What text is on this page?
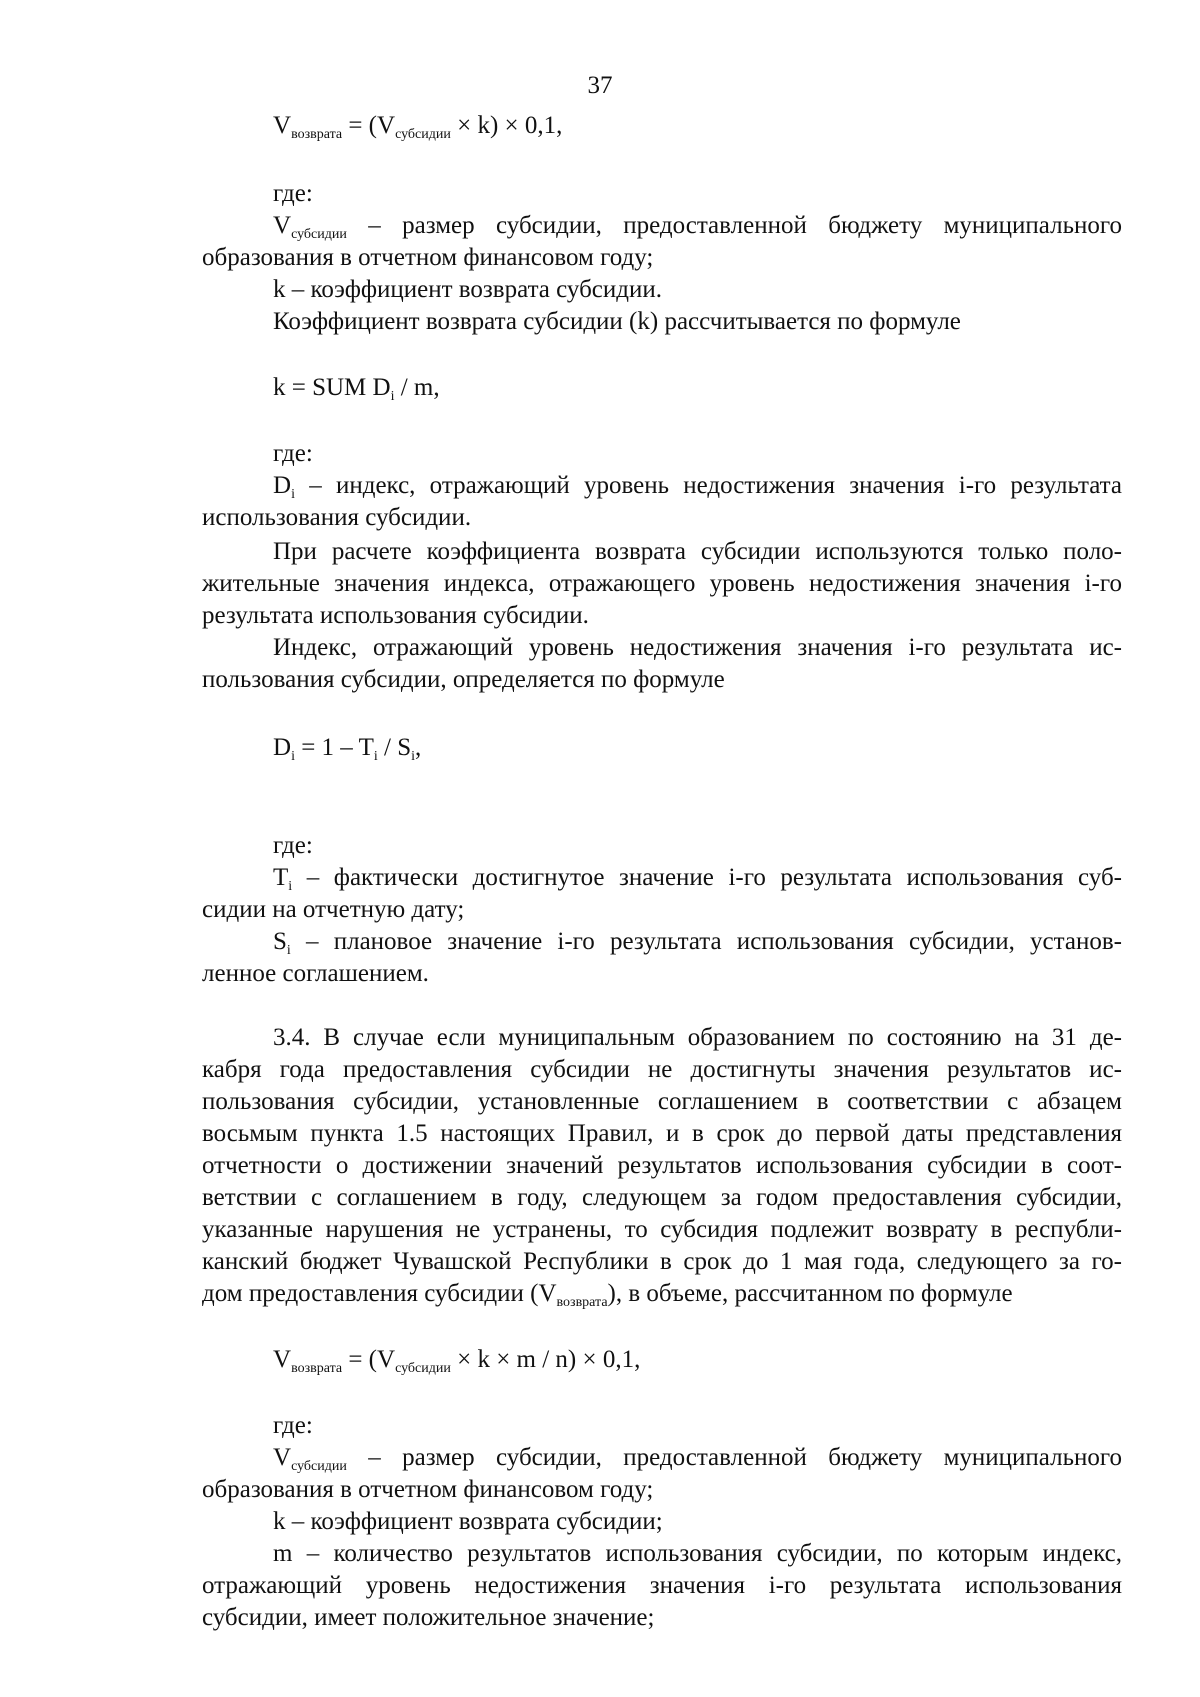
37
$V_{возврата} = (V_{субсидии} \times k) \times 0,1$,
где:
$V_{субсидии}$ – размер субсидии, предоставленной бюджету муниципального
образования в отчетном финансовом году;
k – коэффициент возврата субсидии.
Коэффициент возврата субсидии (k) рассчитывается по формуле
k = SUM $D_i$ / m,
где:
$D_i$ – индекс, отражающий уровень недостижения значения i-го результата
использования субсидии.
При расчете коэффициента возврата субсидии используются только поло-
жительные значения индекса, отражающего уровень недостижения значения i-го
результата использования субсидии.
Индекс, отражающий уровень недостижения значения i-го результата ис-
пользования субсидии, определяется по формуле
$D_i = 1 - T_i / S_i$,
где:
$T_i$ – фактически достигнутое значение i-го результата использования суб-
сидии на отчетную дату;
$S_i$ – плановое значение i-го результата использования субсидии, установ-
ленное соглашением.
3.4. В случае если муниципальным образованием по состоянию на 31 де-
кабря года предоставления субсидии не достигнуты значения результатов ис-
пользования субсидии, установленные соглашением в соответствии с абзацем
восьмым пункта 1.5 настоящих Правил, и в срок до первой даты представления
отчетности о достижении значений результатов использования субсидии в соот-
ветствии с соглашением в году, следующем за годом предоставления субсидии,
указанные нарушения не устранены, то субсидия подлежит возврату в республи-
канский бюджет Чувашской Республики в срок до 1 мая года, следующего за го-
дом предоставления субсидии $(V_{возврата})$, в объеме, рассчитанном по формуле
$V_{возврата} = (V_{субсидии} \times k \times m / n) \times 0,1$,
где:
$V_{субсидии}$ – размер субсидии, предоставленной бюджету муниципального
образования в отчетном финансовом году;
k – коэффициент возврата субсидии;
m – количество результатов использования субсидии, по которым индекс,
отражающий уровень недостижения значения i-го результата использования
субсидии, имеет положительное значение;
